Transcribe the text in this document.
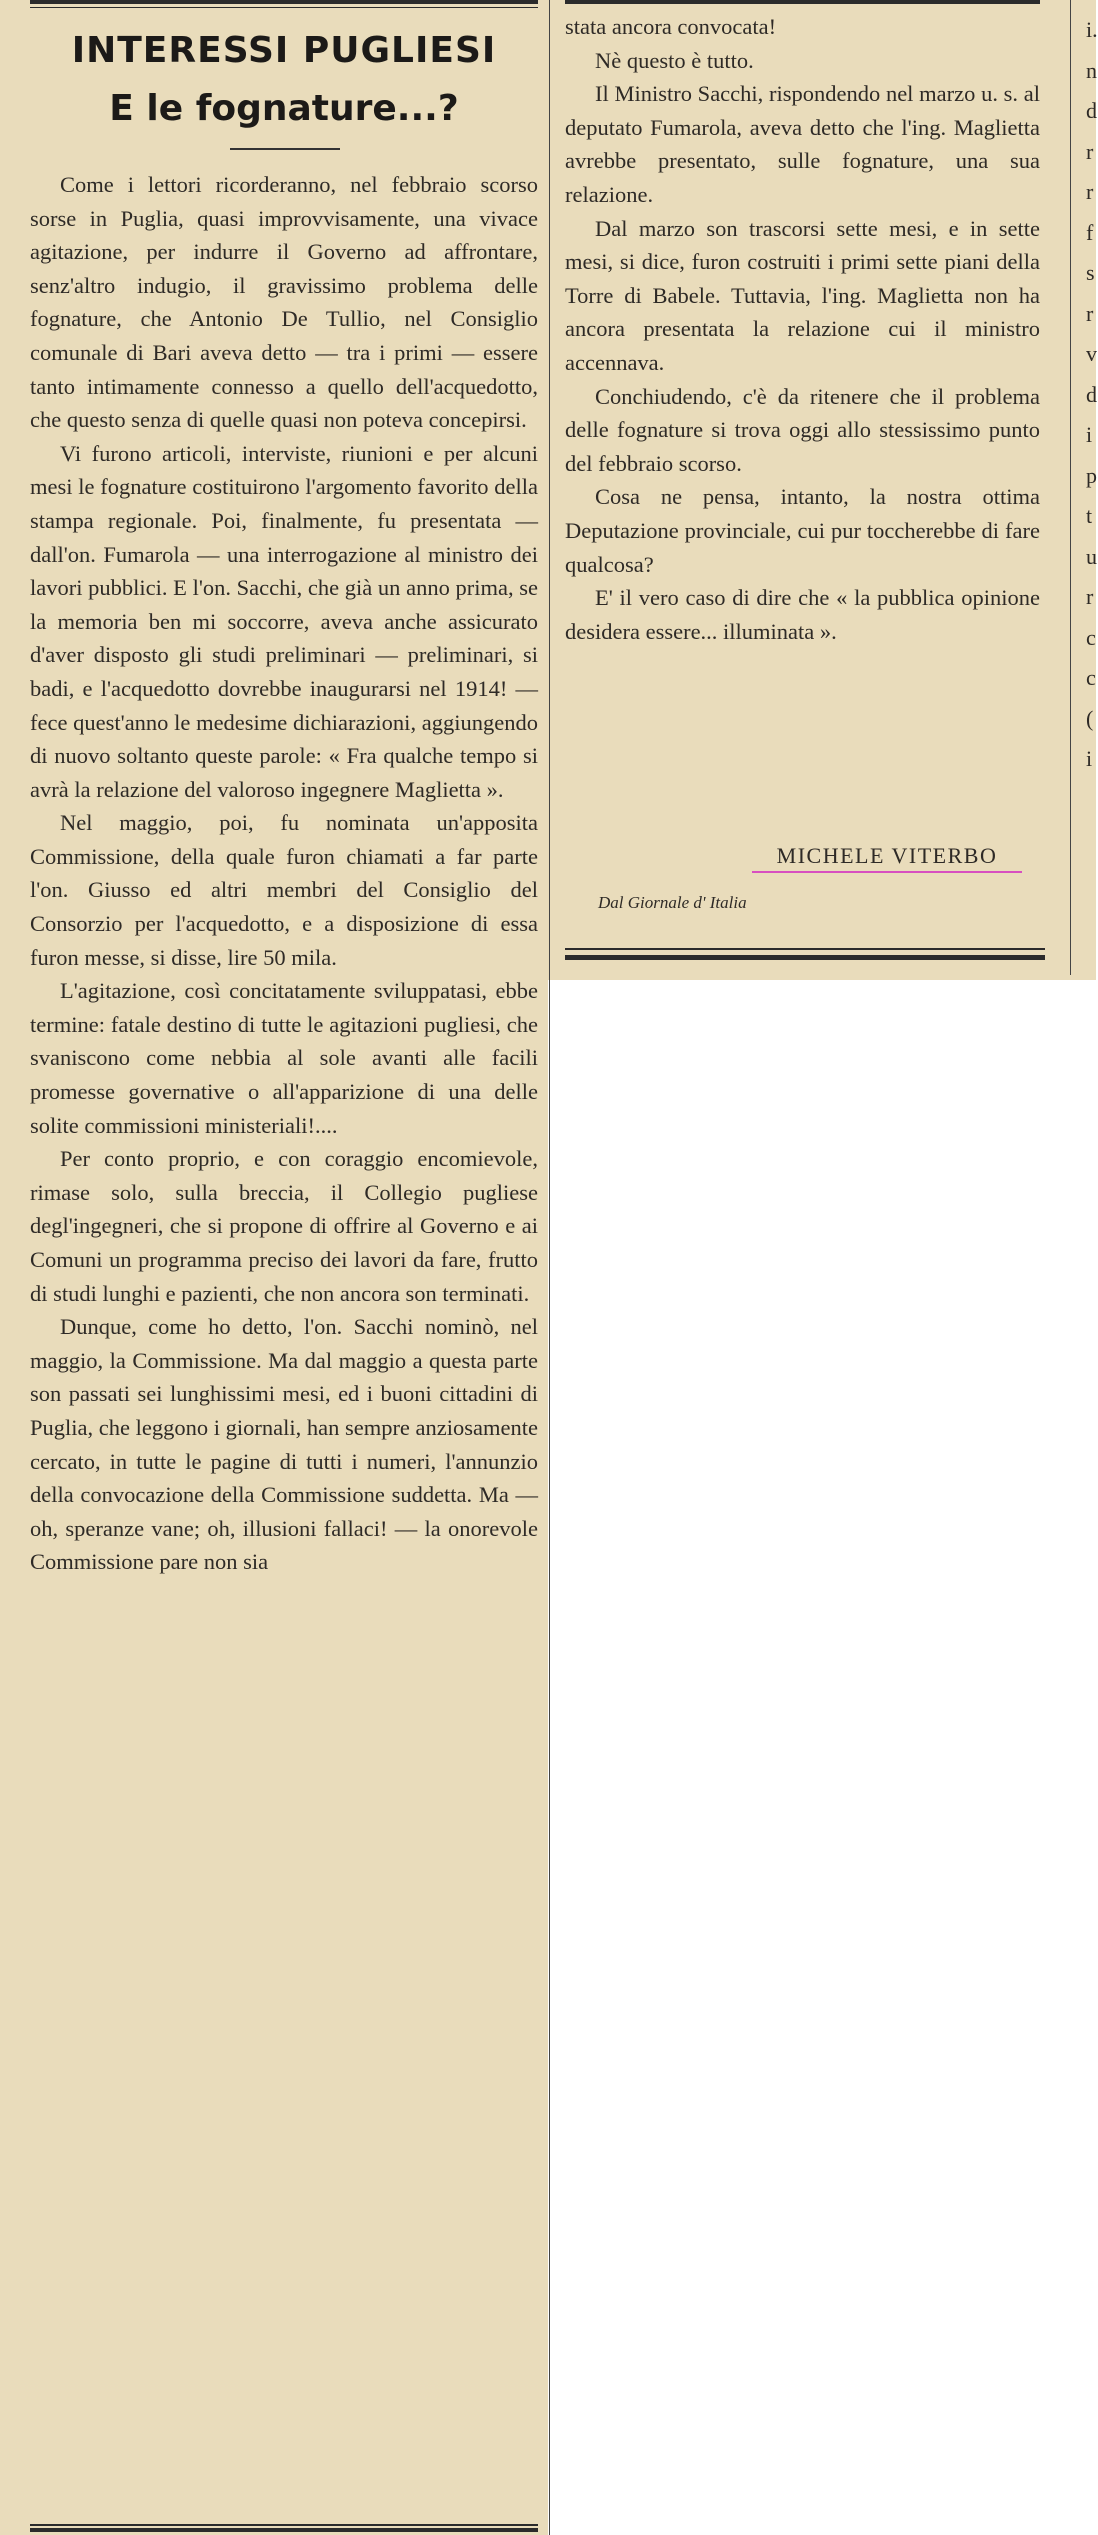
INTERESSI PUGLIESI
E le fognature...?

Come i lettori ricorderanno, nel febbraio scorso sorse in Puglia, quasi improvvisamente, una vivace agitazione, per indurre il Governo ad affrontare, senz'altro indugio, il gravissimo problema delle fognature, che Antonio De Tullio, nel Consiglio comunale di Bari aveva detto — tra i primi — essere tanto intimamente connesso a quello dell'acquedotto, che questo senza di quelle quasi non poteva concepirsi.

Vi furono articoli, interviste, riunioni e per alcuni mesi le fognature costituirono l'argomento favorito della stampa regionale. Poi, finalmente, fu presentata — dall'on. Fumarola — una interrogazione al ministro dei lavori pubblici. E l'on. Sacchi, che già un anno prima, se la memoria ben mi soccorre, aveva anche assicurato d'aver disposto gli studi preliminari — preliminari, si badi, e l'acquedotto dovrebbe inaugurarsi nel 1914! — fece quest'anno le medesime dichiarazioni, aggiungendo di nuovo soltanto queste parole: « Fra qualche tempo si avrà la relazione del valoroso ingegnere Maglietta ».

Nel maggio, poi, fu nominata un'apposita Commissione, della quale furon chiamati a far parte l'on. Giusso ed altri membri del Consiglio del Consorzio per l'acquedotto, e a disposizione di essa furon messe, si disse, lire 50 mila.

L'agitazione, così concitatamente sviluppatasi, ebbe termine: fatale destino di tutte le agitazioni pugliesi, che svaniscono come nebbia al sole avanti alle facili promesse governative o all'apparizione di una delle solite commissioni ministeriali!....

Per conto proprio, e con coraggio encomievole, rimase solo, sulla breccia, il Collegio pugliese degl'ingegneri, che si propone di offrire al Governo e ai Comuni un programma preciso dei lavori da fare, frutto di studi lunghi e pazienti, che non ancora son terminati.

Dunque, come ho detto, l'on. Sacchi nominò, nel maggio, la Commissione. Ma dal maggio a questa parte son passati sei lunghissimi mesi, ed i buoni cittadini di Puglia, che leggono i giornali, han sempre anziosamente cercato, in tutte le pagine di tutti i numeri, l'annunzio della convocazione della Commissione suddetta. Ma — oh, speranze vane; oh, illusioni fallaci! — la onorevole Commissione pare non sia

stata ancora convocata!

Nè questo è tutto.

Il Ministro Sacchi, rispondendo nel marzo u. s. al deputato Fumarola, aveva detto che l'ing. Maglietta avrebbe presentato, sulle fognature, una sua relazione.

Dal marzo son trascorsi sette mesi, e in sette mesi, si dice, furon costruiti i primi sette piani della Torre di Babele. Tuttavia, l'ing. Maglietta non ha ancora presentata la relazione cui il ministro accennava.

Conchiudendo, c'è da ritenere che il problema delle fognature si trova oggi allo stessissimo punto del febbraio scorso.

Cosa ne pensa, intanto, la nostra ottima Deputazione provinciale, cui pur toccherebbe di fare qualcosa?

E' il vero caso di dire che « la pubblica opinione desidera essere... illuminata ».

MICHELE VITERBO
Dal Giornale d' Italia
i.
n
d
r
r
f
s
r
v
d
i
p
t
u
r
c
c
(
i
